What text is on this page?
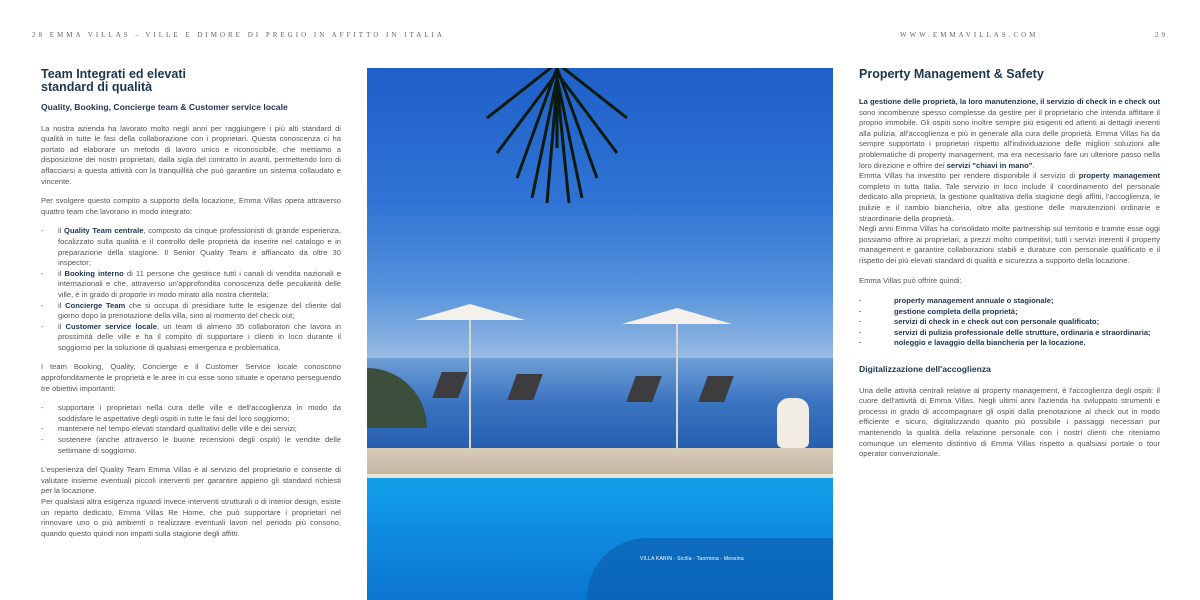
28 EMMA VILLAS - VILLE E DIMORE DI PREGIO IN AFFITTO IN ITALIA	WWW.EMMAVILLAS.COM	29
Team Integrati ed elevati standard di qualità
Quality, Booking, Concierge team & Customer service locale

La nostra azienda ha lavorato molto negli anni per raggiungere i più alti standard di qualità in tutte le fasi della collaborazione con i proprietari. Questa conoscenza ci ha portato ad elaborare un metodo di lavoro unico e riconoscibile, che mettiamo a disposizione dei nostri proprietari, dalla sigla del contratto in avanti, permettendo loro di affacciarsi a questa attività con la tranquillità che può garantire un sistema collaudato e vincente.

Per svolgere questo compito a supporto della locazione, Emma Villas opera attraverso quattro team che lavorano in modo integrato:

- il Quality Team centrale, composto da cinque professionisti di grande esperienza, focalizzato sulla qualità e il controllo delle proprietà da inserire nel catalogo e in preparazione della stagione. Il Senior Quality Team è affiancato da oltre 30 inspector;
- il Booking interno di 11 persone che gestisce tutti i canali di vendita nazionali e internazionali e che, attraverso un'approfondita conoscenza delle peculiarità delle ville, è in grado di proporle in modo mirato alla nostra clientela;
- il Concierge Team che si occupa di presidiare tutte le esigenze del cliente dal giorno dopo la prenotazione della villa, sino al momento del check out;
- il Customer service locale, un team di almeno 35 collaboratori che lavora in prossimità delle ville e ha il compito di supportare i clienti in loco durante il soggiorno per la soluzione di qualsiasi emergenza e problematica.

I team Booking, Quality, Concierge e il Customer Service locale conoscono approfonditamente le proprietà e le aree in cui esse sono situate e operano perseguendo tre obiettivi importanti:

- supportare i proprietari nella cura delle ville e dell'accoglienza in modo da soddisfare le aspettative degli ospiti in tutte le fasi del loro soggiorno;
- mantenere nel tempo elevati standard qualitativi delle ville e dei servizi;
- sostenere (anche attraverso le buone recensioni degli ospiti) le vendite delle settimane di soggiorno.

L'esperienza del Quality Team Emma Villas è al servizio del proprietario e consente di valutare insieme eventuali piccoli interventi per garantire appieno gli standard richiesti per la locazione.

Per qualsiasi altra esigenza riguardi invece interventi strutturali o di interior design, esiste un reparto dedicato, Emma Villas Re Home, che può supportare i proprietari nel rinnovare uno o più ambienti o realizzare eventuali lavori nel periodo più consono, quando questo quindi non impatti sulla stagione degli affitti.

VILLA KARIN - Sicilia - Taormina - Messina
Property Management & Safety

La gestione delle proprietà, la loro manutenzione, il servizio di check in e check out sono incombenze spesso complesse da gestire per il proprietario che intenda affittare il proprio immobile. Gli ospiti sono inoltre sempre più esigenti ed attenti ai dettagli inerenti alla pulizia, all'accoglienza e più in generale alla cura delle proprietà. Emma Villas ha da sempre supportato i proprietari rispetto all'individuazione delle migliori soluzioni alle problematiche di property management, ma era necessario fare un ulteriore passo nella loro direzione e offrire dei servizi "chiavi in mano".

Emma Villas ha investito per rendere disponibile il servizio di property management completo in tutta Italia. Tale servizio in loco include il coordinamento del personale dedicato alla proprietà, la gestione qualitativa della stagione degli affitti, l'accoglienza, le pulizie e il cambio biancheria, oltre alla gestione delle manutenzioni ordinarie e straordinarie della proprietà.

Negli anni Emma Villas ha consolidato molte partnership sul territorio e tramite esse oggi possiamo offrire ai proprietari, a prezzi molto competitivi, tutti i servizi inerenti il property management e garantire collaborazioni stabili e durature con personale qualificato e il rispetto dei più elevati standard di qualità e sicurezza a supporto della locazione.

Emma Villas può offrire quindi:

· property management annuale o stagionale;
· gestione completa della proprietà;
· servizi di check in e check out con personale qualificato;
· servizi di pulizia professionale delle strutture, ordinaria e straordinaria;
· noleggio e lavaggio della biancheria per la locazione.
Digitalizzazione dell'accoglienza

Una delle attività centrali relative al property management, è l'accoglienza degli ospiti: il cuore dell'attività di Emma Villas. Negli ultimi anni l'azienda ha sviluppato strumenti e processi in grado di accompagnare gli ospiti dalla prenotazione al check out in modo efficiente e sicuro, digitalizzando quanto più possibile i passaggi necessari pur mantenendo la qualità della relazione personale con i nostri clienti che riteniamo comunque un elemento distintivo di Emma Villas rispetto a qualsiasi portale o tour operator convenzionale.
